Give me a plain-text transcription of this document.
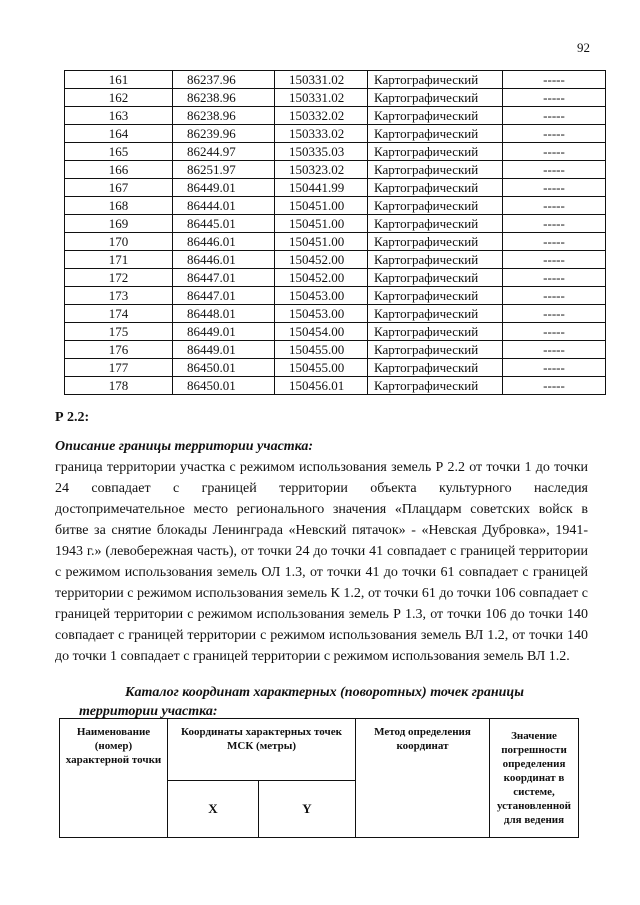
92
161	86237.96	150331.02	Картографический	-----
162	86238.96	150331.02	Картографический	-----
163	86238.96	150332.02	Картографический	-----
164	86239.96	150333.02	Картографический	-----
165	86244.97	150335.03	Картографический	-----
166	86251.97	150323.02	Картографический	-----
167	86449.01	150441.99	Картографический	-----
168	86444.01	150451.00	Картографический	-----
169	86445.01	150451.00	Картографический	-----
170	86446.01	150451.00	Картографический	-----
171	86446.01	150452.00	Картографический	-----
172	86447.01	150452.00	Картографический	-----
173	86447.01	150453.00	Картографический	-----
174	86448.01	150453.00	Картографический	-----
175	86449.01	150454.00	Картографический	-----
176	86449.01	150455.00	Картографический	-----
177	86450.01	150455.00	Картографический	-----
178	86450.01	150456.01	Картографический	-----
Р 2.2:
Описание границы территории участка:

граница территории участка с режимом использования земель Р 2.2 от точки 1 до точки 24 совпадает с границей территории объекта культурного наследия достопримечательное место регионального значения «Плацдарм советских войск в битве за снятие блокады Ленинграда «Невский пятачок» - «Невская Дубровка», 1941-1943 г.» (левобережная часть), от точки 24 до точки 41 совпадает с границей территории с режимом использования земель ОЛ 1.3, от точки 41 до точки 61 совпадает с границей территории с режимом использования земель К 1.2, от точки 61 до точки 106 совпадает с границей территории с режимом использования земель Р 1.3, от точки 106 до точки 140 совпадает с границей территории с режимом использования земель ВЛ 1.2, от точки 140 до точки 1 совпадает с границей территории с режимом использования земель ВЛ 1.2.

Каталог координат характерных (поворотных) точек границы
территории участка:

Наименование (номер) характерной точки	Координаты характерных точек МСК (метры)		Метод определения координат	Значение погрешности определения координат в системе, установленной для ведения
	X	Y		
